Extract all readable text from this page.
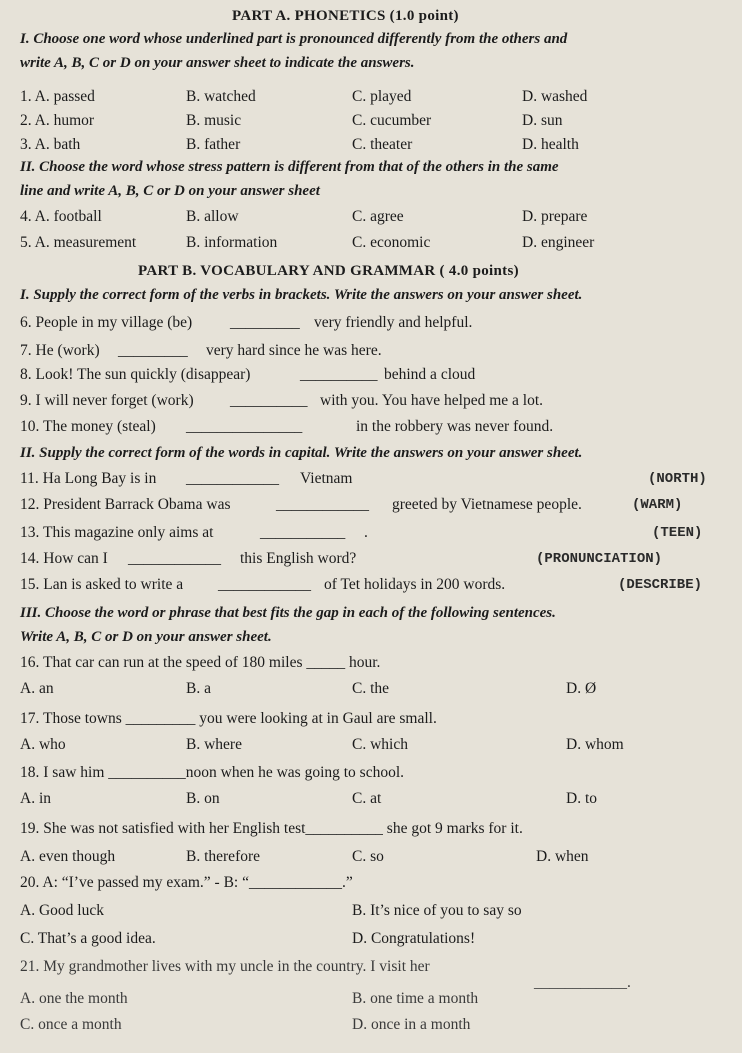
PART A. PHONETICS (1.0 point)
I. Choose one word whose underlined part is pronounced differently from the others and
write A, B, C or D on your answer sheet to indicate the answers.
1. A. passed	B. watched	C. played	D. washed
2. A. humor	B. music	C. cucumber	D. sun
3. A. bath	B. father	C. theater	D. health
II. Choose the word whose stress pattern is different from that of the others in the same
line and write A, B, C or D on your answer sheet
4. A. football	B. allow	C. agree	D. prepare
5. A. measurement	B. information	C. economic	D. engineer
PART B. VOCABULARY AND GRAMMAR ( 4.0 points)
I. Supply the correct form of the verbs in brackets. Write the answers on your answer sheet.
6. People in my village (be) _________ very friendly and helpful.
7. He (work) _________ very hard since he was here.
8. Look! The sun quickly (disappear)	__________ behind a cloud
9. I will never forget (work) __________ with you. You have helped me a lot.
10. The money (steal) _______________	in the robbery was never found.
II. Supply the correct form of the words in capital. Write the answers on your answer sheet.
11. Ha Long Bay is in ____________ Vietnam	(NORTH)
12. President Barrack Obama was	____________ greeted by Vietnamese people.	(WARM)
13. This magazine only aims at	___________ .	(TEEN)
14. How can I ____________ this English word?	(PRONUNCIATION)
15. Lan is asked to write a ____________ of Tet holidays in 200 words.	(DESCRIBE)
III. Choose the word or phrase that best fits the gap in each of the following sentences.
Write A, B, C or D on your answer sheet.
16. That car can run at the speed of 180 miles _____ hour.
A. an	B. a	C. the	D. Ø
17. Those towns _________ you were looking at in Gaul are small.
A. who	B. where	C. which	D. whom
18. I saw him __________noon when he was going to school.
A. in	B. on	C. at	D. to
19. She was not satisfied with her English test__________ she got 9 marks for it.
A. even though	B. therefore	C. so	D. when
20. A: “I’ve passed my exam.” - B: “____________.”
A. Good luck	B. It’s nice of you to say so
C. That’s a good idea.	D. Congratulations!
21. My grandmother lives with my uncle in the country. I visit her
____________.
A. one the month	B. one time a month
C. once a month	D. once in a month
